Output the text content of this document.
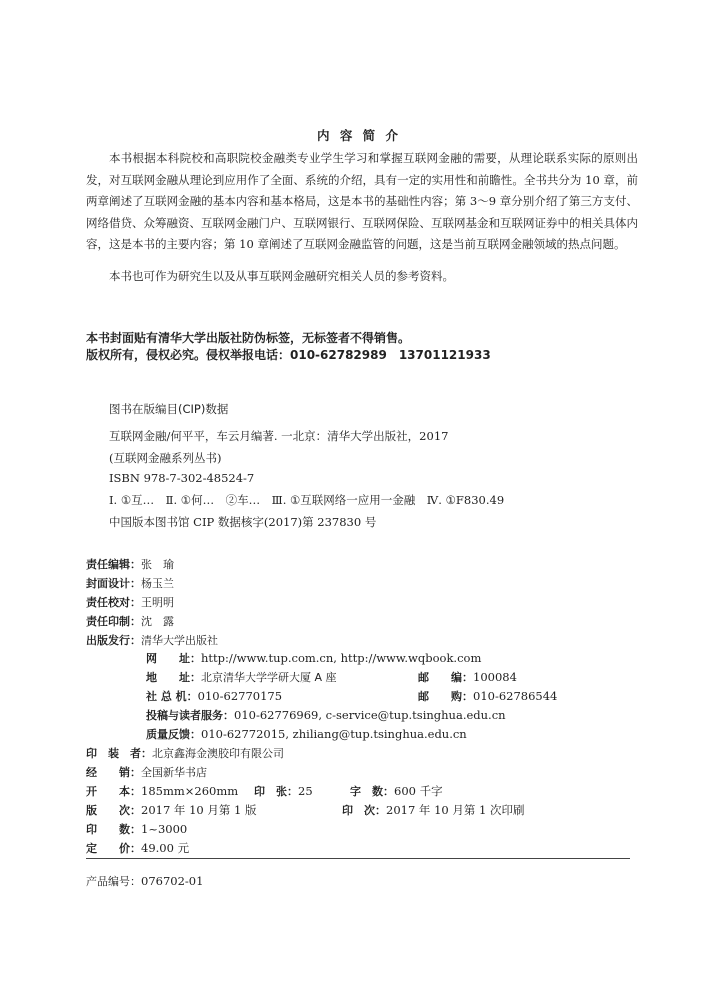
内 容 简 介
本书根据本科院校和高职院校金融类专业学生学习和掌握互联网金融的需要，从理论联系实际的原则出发，对互联网金融从理论到应用作了全面、系统的介绍，具有一定的实用性和前瞻性。全书共分为 10 章，前两章阐述了互联网金融的基本内容和基本格局，这是本书的基础性内容；第 3～9 章分别介绍了第三方支付、网络借贷、众筹融资、互联网金融门户、互联网银行、互联网保险、互联网基金和互联网证券中的相关具体内容，这是本书的主要内容；第 10 章阐述了互联网金融监管的问题，这是当前互联网金融领域的热点问题。
本书也可作为研究生以及从事互联网金融研究相关人员的参考资料。
本书封面贴有清华大学出版社防伪标签，无标签者不得销售。
版权所有，侵权必究。侵权举报电话：010-62782989　13701121933
图书在版编目(CIP)数据
互联网金融/何平平，车云月编著. 一北京：清华大学出版社，2017
(互联网金融系列丛书)
ISBN 978-7-302-48524-7
Ⅰ. ①互…　Ⅱ. ①何…　②车…　Ⅲ. ①互联网络一应用一金融　Ⅳ. ①F830.49
中国版本图书馆 CIP 数据核字(2017)第 237830 号
责任编辑：张　瑜
封面设计：杨玉兰
责任校对：王明明
责任印制：沈　露
出版发行：清华大学出版社
网　　址：http://www.tup.com.cn, http://www.wqbook.com
地　　址：北京清华大学学研大厦 A 座	邮　　编：100084
社 总 机：010-62770175	邮　　购：010-62786544
投稿与读者服务：010-62776969, c-service@tup.tsinghua.edu.cn
质量反馈：010-62772015, zhiliang@tup.tsinghua.edu.cn
印　装　者：北京鑫海金澳胶印有限公司
经　　销：全国新华书店
开　　本：185mm×260mm 印　张：25	字　数：600 千字
版　　次：2017 年 10 月第 1 版	印　次：2017 年 10 月第 1 次印刷
印　　数：1~3000
定　　价：49.00 元
产品编号：076702-01
